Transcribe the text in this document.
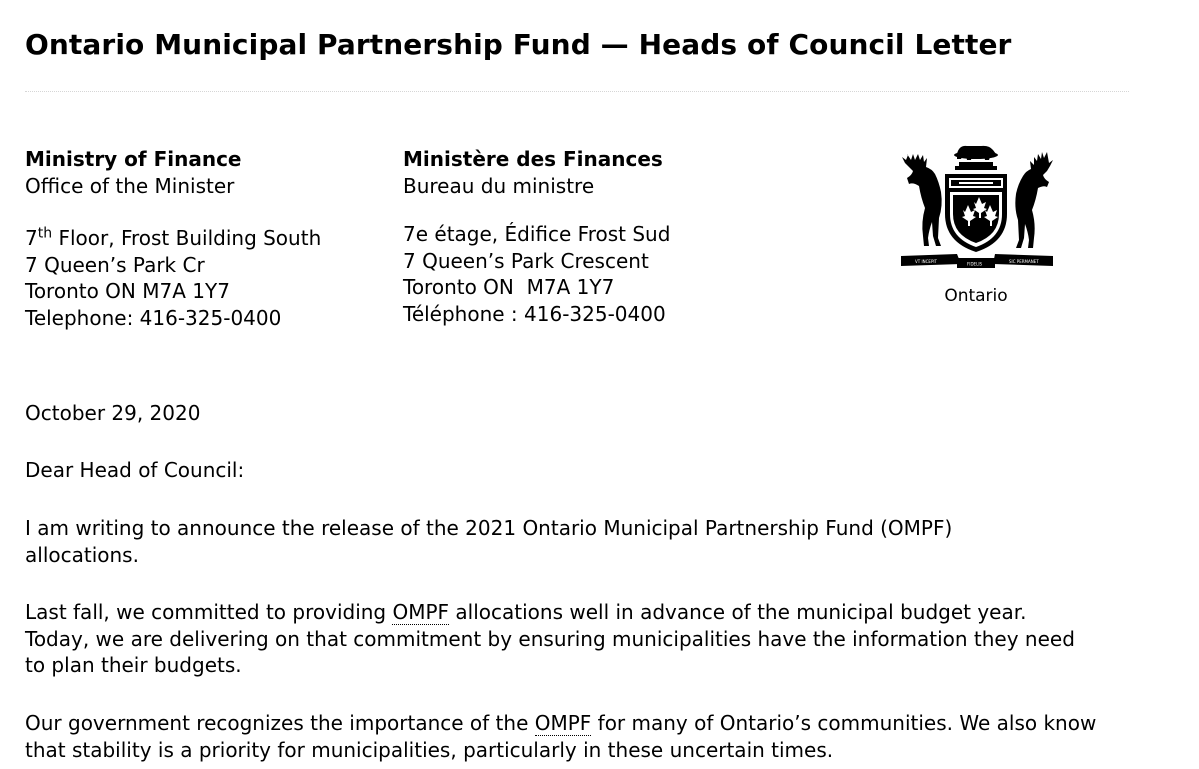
Ontario Municipal Partnership Fund — Heads of Council Letter
Ministry of Finance
Office of the Minister
7th Floor, Frost Building South
7 Queen’s Park Cr
Toronto ON M7A 1Y7
Telephone: 416-325-0400
Ministère des Finances
Bureau du ministre
7e étage, Édifice Frost Sud
7 Queen’s Park Crescent
Toronto ON  M7A 1Y7
Téléphone : 416-325-0400
VT INCEPIT	FIDELIS	SIC PERMANET
Ontario

October 29, 2020

Dear Head of Council:

I am writing to announce the release of the 2021 Ontario Municipal Partnership Fund (OMPF) allocations.

Last fall, we committed to providing OMPF allocations well in advance of the municipal budget year. Today, we are delivering on that commitment by ensuring municipalities have the information they need to plan their budgets.

Our government recognizes the importance of the OMPF for many of Ontario’s communities. We also know that stability is a priority for municipalities, particularly in these uncertain times.
